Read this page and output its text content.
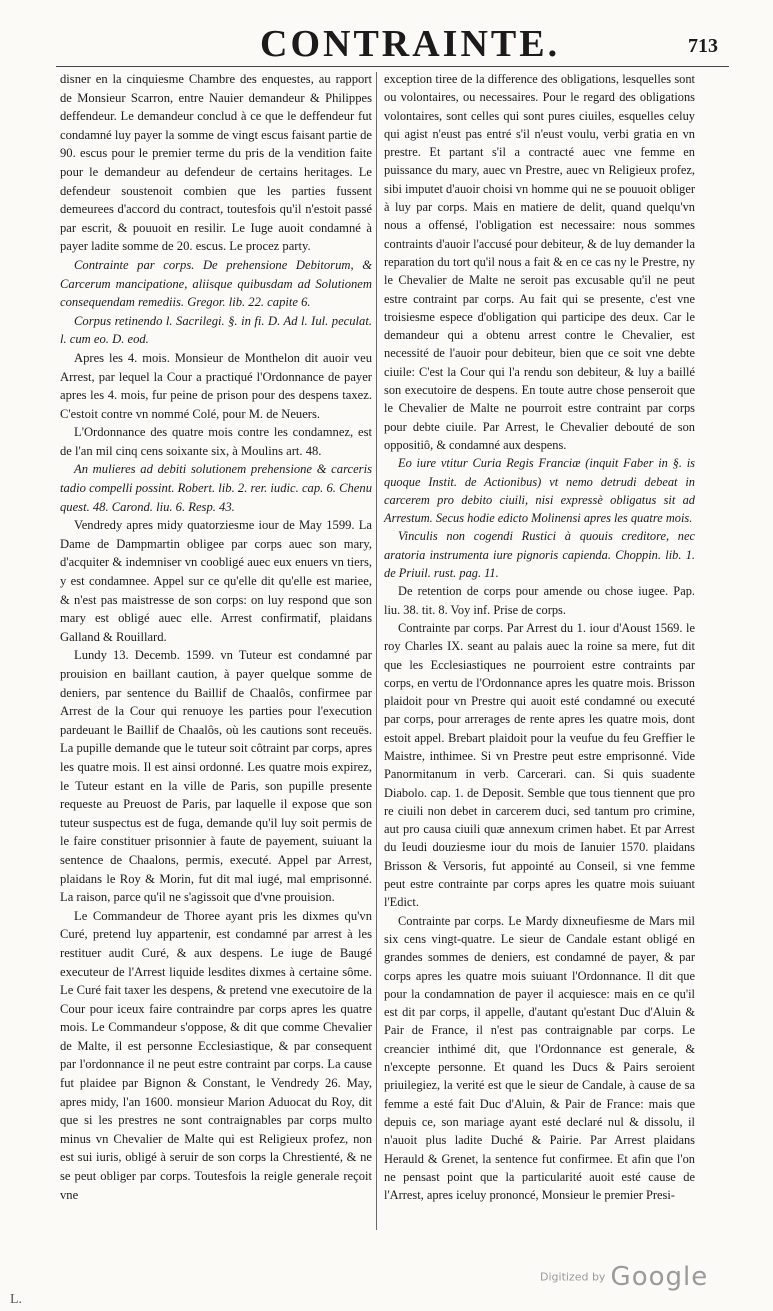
CONTRAINTE.	713

disner en la cinquiesme Chambre des enquestes, au rapport de Monsieur Scarron, entre Nauier demandeur & Philippes deffendeur. Le demandeur conclud à ce que le deffendeur fut condamné luy payer la somme de vingt escus faisant partie de 90. escus pour le premier terme du pris de la vendition faite pour le demandeur au defendeur de certains heritages. Le defendeur soustenoit combien que les parties fussent demeurees d'accord du contract, toutesfois qu'il n'estoit passé par escrit, & pouuoit en resilir. Le Iuge auoit condamné à payer ladite somme de 20. escus. Le procez party.

Contrainte par corps. De prehensione Debitorum, & Carcerum mancipatione, aliisque quibusdam ad Solutionem consequendam remediis. Gregor. lib. 22. capite 6.

Corpus retinendo l. Sacrilegi. §. in fi. D. Ad l. Iul. peculat. l. cum eo. D. eod.

Apres les 4. mois. Monsieur de Monthelon dit auoir veu Arrest, par lequel la Cour a practiqué l'Ordonnance de payer apres les 4. mois, fur peine de prison pour des despens taxez. C'estoit contre vn nommé Colé, pour M. de Neuers.

L'Ordonnance des quatre mois contre les condamnez, est de l'an mil cinq cens soixante six, à Moulins art. 48.

An mulieres ad debiti solutionem prehensione & carceris tadio compelli possint. Robert. lib. 2. rer. iudic. cap. 6. Chenu quest. 48. Carond. liu. 6. Resp. 43.

Vendredy apres midy quatorziesme iour de May 1599. La Dame de Dampmartin obligee par corps auec son mary, d'acquiter & indemniser vn coobligé auec eux enuers vn tiers, y est condamnee. Appel sur ce qu'elle dit qu'elle est mariee, & n'est pas maistresse de son corps: on luy respond que son mary est obligé auec elle. Arrest confirmatif, plaidans Galland & Rouillard.

Lundy 13. Decemb. 1599. vn Tuteur est condamné par prouision en baillant caution, à payer quelque somme de deniers, par sentence du Baillif de Chaalôs, confirmee par Arrest de la Cour qui renuoye les parties pour l'execution pardeuant le Baillif de Chaalôs, où les cautions sont receuës. La pupille demande que le tuteur soit côtraint par corps, apres les quatre mois. Il est ainsi ordonné. Les quatre mois expirez, le Tuteur estant en la ville de Paris, son pupille presente requeste au Preuost de Paris, par laquelle il expose que son tuteur suspectus est de fuga, demande qu'il luy soit permis de le faire constituer prisonnier à faute de payement, suiuant la sentence de Chaalons, permis, executé. Appel par Arrest, plaidans le Roy & Morin, fut dit mal iugé, mal emprisonné. La raison, parce qu'il ne s'agissoit que d'vne prouision.

Le Commandeur de Thoree ayant pris les dixmes qu'vn Curé, pretend luy appartenir, est condamné par arrest à les restituer audit Curé, & aux despens. Le iuge de Baugé executeur de l'Arrest liquide lesdites dixmes à certaine sôme. Le Curé fait taxer les despens, & pretend vne executoire de la Cour pour iceux faire contraindre par corps apres les quatre mois. Le Commandeur s'oppose, & dit que comme Chevalier de Malte, il est personne Ecclesiastique, & par consequent par l'ordonnance il ne peut estre contraint par corps. La cause fut plaidee par Bignon & Constant, le Vendredy 26. May, apres midy, l'an 1600. monsieur Marion Aduocat du Roy, dit que si les prestres ne sont contraignables par corps multo minus vn Chevalier de Malte qui est Religieux profez, non est sui iuris, obligé à seruir de son corps la Chrestienté, & ne se peut obliger par corps. Toutesfois la reigle generale reçoit vne

exception tiree de la difference des obligations, lesquelles sont ou volontaires, ou necessaires. Pour le regard des obligations volontaires, sont celles qui sont pures ciuiles, esquelles celuy qui agist n'eust pas entré s'il n'eust voulu, verbi gratia en vn prestre. Et partant s'il a contracté auec vne femme en puissance du mary, auec vn Prestre, auec vn Religieux profez, sibi imputet d'auoir choisi vn homme qui ne se pouuoit obliger à luy par corps. Mais en matiere de delit, quand quelqu'vn nous a offensé, l'obligation est necessaire: nous sommes contraints d'auoir l'accusé pour debiteur, & de luy demander la reparation du tort qu'il nous a fait & en ce cas ny le Prestre, ny le Chevalier de Malte ne seroit pas excusable qu'il ne peut estre contraint par corps. Au fait qui se presente, c'est vne troisiesme espece d'obligation qui participe des deux. Car le demandeur qui a obtenu arrest contre le Chevalier, est necessité de l'auoir pour debiteur, bien que ce soit vne debte ciuile: C'est la Cour qui l'a rendu son debiteur, & luy a baillé son executoire de despens. En toute autre chose penseroit que le Chevalier de Malte ne pourroit estre contraint par corps pour debte ciuile. Par Arrest, le Chevalier debouté de son oppositiô, & condamné aux despens.

Eo iure vtitur Curia Regis Franciæ (inquit Faber in §. is quoque Instit. de Actionibus) vt nemo detrudi debeat in carcerem pro debito ciuili, nisi expressè obligatus sit ad Arrestum. Secus hodie edicto Molinensi apres les quatre mois.

Vinculis non cogendi Rustici à quouis creditore, nec aratoria instrumenta iure pignoris capienda. Choppin. lib. 1. de Priuil. rust. pag. 11.

De retention de corps pour amende ou chose iugee. Pap. liu. 38. tit. 8. Voy inf. Prise de corps.

Contrainte par corps. Par Arrest du 1. iour d'Aoust 1569. le roy Charles IX. seant au palais auec la roine sa mere, fut dit que les Ecclesiastiques ne pourroient estre contraints par corps, en vertu de l'Ordonnance apres les quatre mois. Brisson plaidoit pour vn Prestre qui auoit esté condamné ou executé par corps, pour arrerages de rente apres les quatre mois, dont estoit appel. Brebart plaidoit pour la veufue du feu Greffier le Maistre, inthimee. Si vn Prestre peut estre emprisonné. Vide Panormitanum in verb. Carcerari. can. Si quis suadente Diabolo. cap. 1. de Deposit. Semble que tous tiennent que pro re ciuili non debet in carcerem duci, sed tantum pro crimine, aut pro causa ciuili quæ annexum crimen habet. Et par Arrest du Ieudi douziesme iour du mois de Ianuier 1570. plaidans Brisson & Versoris, fut appointé au Conseil, si vne femme peut estre contrainte par corps apres les quatre mois suiuant l'Edict.

Contrainte par corps. Le Mardy dixneufiesme de Mars mil six cens vingt-quatre. Le sieur de Candale estant obligé en grandes sommes de deniers, est condamné de payer, & par corps apres les quatre mois suiuant l'Ordonnance. Il dit que pour la condamnation de payer il acquiesce: mais en ce qu'il est dit par corps, il appelle, d'autant qu'estant Duc d'Aluin & Pair de France, il n'est pas contraignable par corps. Le creancier inthimé dit, que l'Ordonnance est generale, & n'excepte personne. Et quand les Ducs & Pairs seroient priuilegiez, la verité est que le sieur de Candale, à cause de sa femme a esté fait Duc d'Aluin, & Pair de France: mais que depuis ce, son mariage ayant esté declaré nul & dissolu, il n'auoit plus ladite Duché & Pairie. Par Arrest plaidans Herauld & Grenet, la sentence fut confirmee. Et afin que l'on ne pensast point que la particularité auoit esté cause de l'Arrest, apres iceluy prononcé, Monsieur le premier Presi-

Digitized by Google
L.
